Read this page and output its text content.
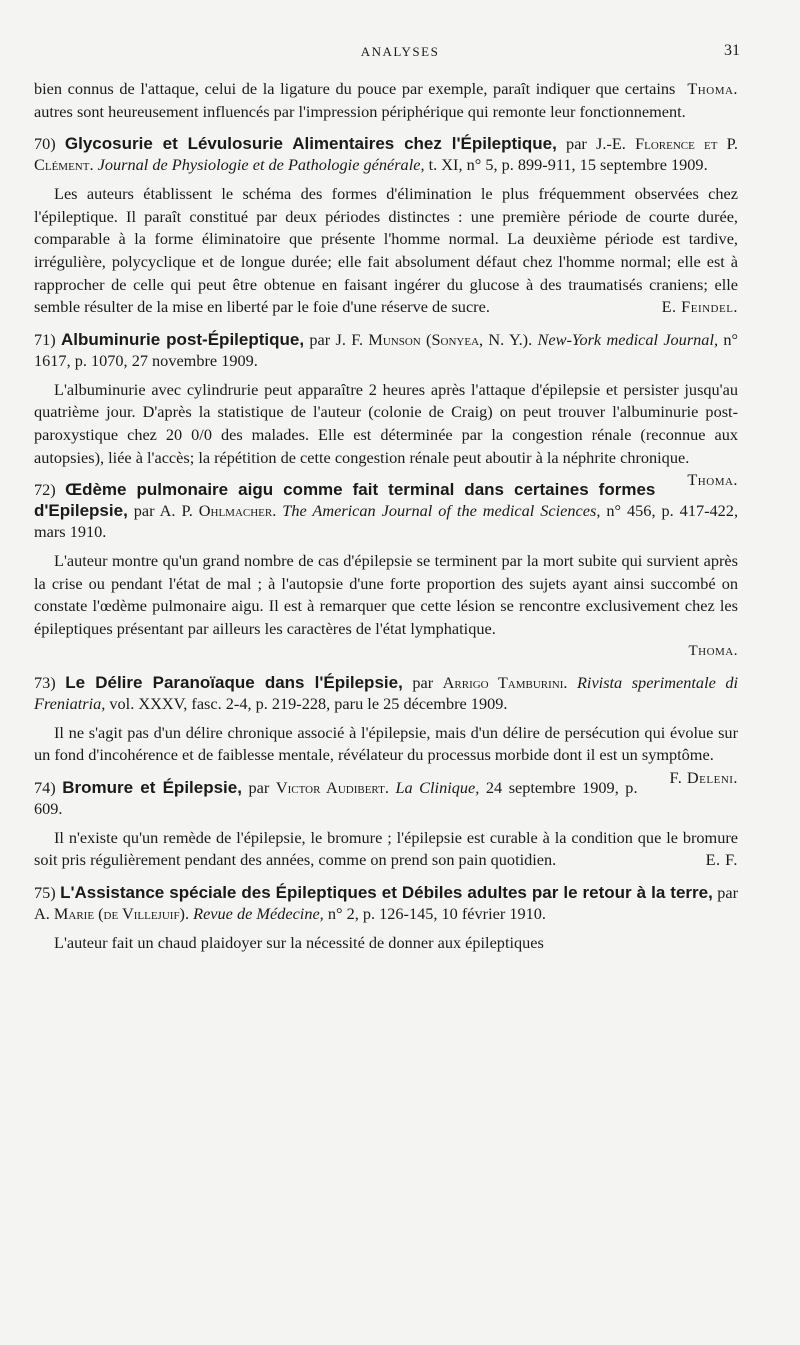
ANALYSES	31

Thoma.
bien connus de l'attaque, celui de la ligature du pouce par exemple, paraît indiquer que certains autres sont heureusement influencés par l'impression périphérique qui remonte leur fonctionnement.

70) Glycosurie et Lévulosurie Alimentaires chez l'Épileptique, par J.-E. Florence et P. Clément. Journal de Physiologie et de Pathologie générale, t. XI, n° 5, p. 899-911, 15 septembre 1909.

Les auteurs établissent le schéma des formes d'élimination le plus fréquemment observées chez l'épileptique. Il paraît constitué par deux périodes distinctes : une première période de courte durée, comparable à la forme éliminatoire que présente l'homme normal. La deuxième période est tardive, irrégulière, polycyclique et de longue durée; elle fait absolument défaut chez l'homme normal; elle est à rapprocher de celle qui peut être obtenue en faisant ingérer du glucose à des traumatisés craniens; elle semble résulter de la mise en liberté par le foie d'une réserve de sucre.	E. Feindel.

71) Albuminurie post-Épileptique, par J. F. Munson (Sonyea, N. Y.). New-York medical Journal, n° 1617, p. 1070, 27 novembre 1909.

L'albuminurie avec cylindrurie peut apparaître 2 heures après l'attaque d'épilepsie et persister jusqu'au quatrième jour. D'après la statistique de l'auteur (colonie de Craig) on peut trouver l'albuminurie post-paroxystique chez 20 0/0 des malades. Elle est déterminée par la congestion rénale (reconnue aux autopsies), liée à l'accès; la répétition de cette congestion rénale peut aboutir à la néphrite chronique.
Thoma.

72) Œdème pulmonaire aigu comme fait terminal dans certaines formes d'Epilepsie, par A. P. Ohlmacher. The American Journal of the medical Sciences, n° 456, p. 417-422, mars 1910.

L'auteur montre qu'un grand nombre de cas d'épilepsie se terminent par la mort subite qui survient après la crise ou pendant l'état de mal ; à l'autopsie d'une forte proportion des sujets ayant ainsi succombé on constate l'œdème pulmonaire aigu. Il est à remarquer que cette lésion se rencontre exclusivement chez les épileptiques présentant par ailleurs les caractères de l'état lymphatique.

Thoma.
73) Le Délire Paranoïaque dans l'Épilepsie, par Arrigo Tamburini. Rivista sperimentale di Freniatria, vol. XXXV, fasc. 2-4, p. 219-228, paru le 25 décembre 1909.

Il ne s'agit pas d'un délire chronique associé à l'épilepsie, mais d'un délire de persécution qui évolue sur un fond d'incohérence et de faiblesse mentale, révélateur du processus morbide dont il est un symptôme.
F. Deleni.

74) Bromure et Épilepsie, par Victor Audibert. La Clinique, 24 septembre 1909, p. 609.

Il n'existe qu'un remède de l'épilepsie, le bromure ; l'épilepsie est curable à la condition que le bromure soit pris régulièrement pendant des années, comme on prend son pain quotidien.	E. F.

75) L'Assistance spéciale des Épileptiques et Débiles adultes par le retour à la terre, par A. Marie (de Villejuif). Revue de Médecine, n° 2, p. 126-145, 10 février 1910.

L'auteur fait un chaud plaidoyer sur la nécessité de donner aux épileptiques
